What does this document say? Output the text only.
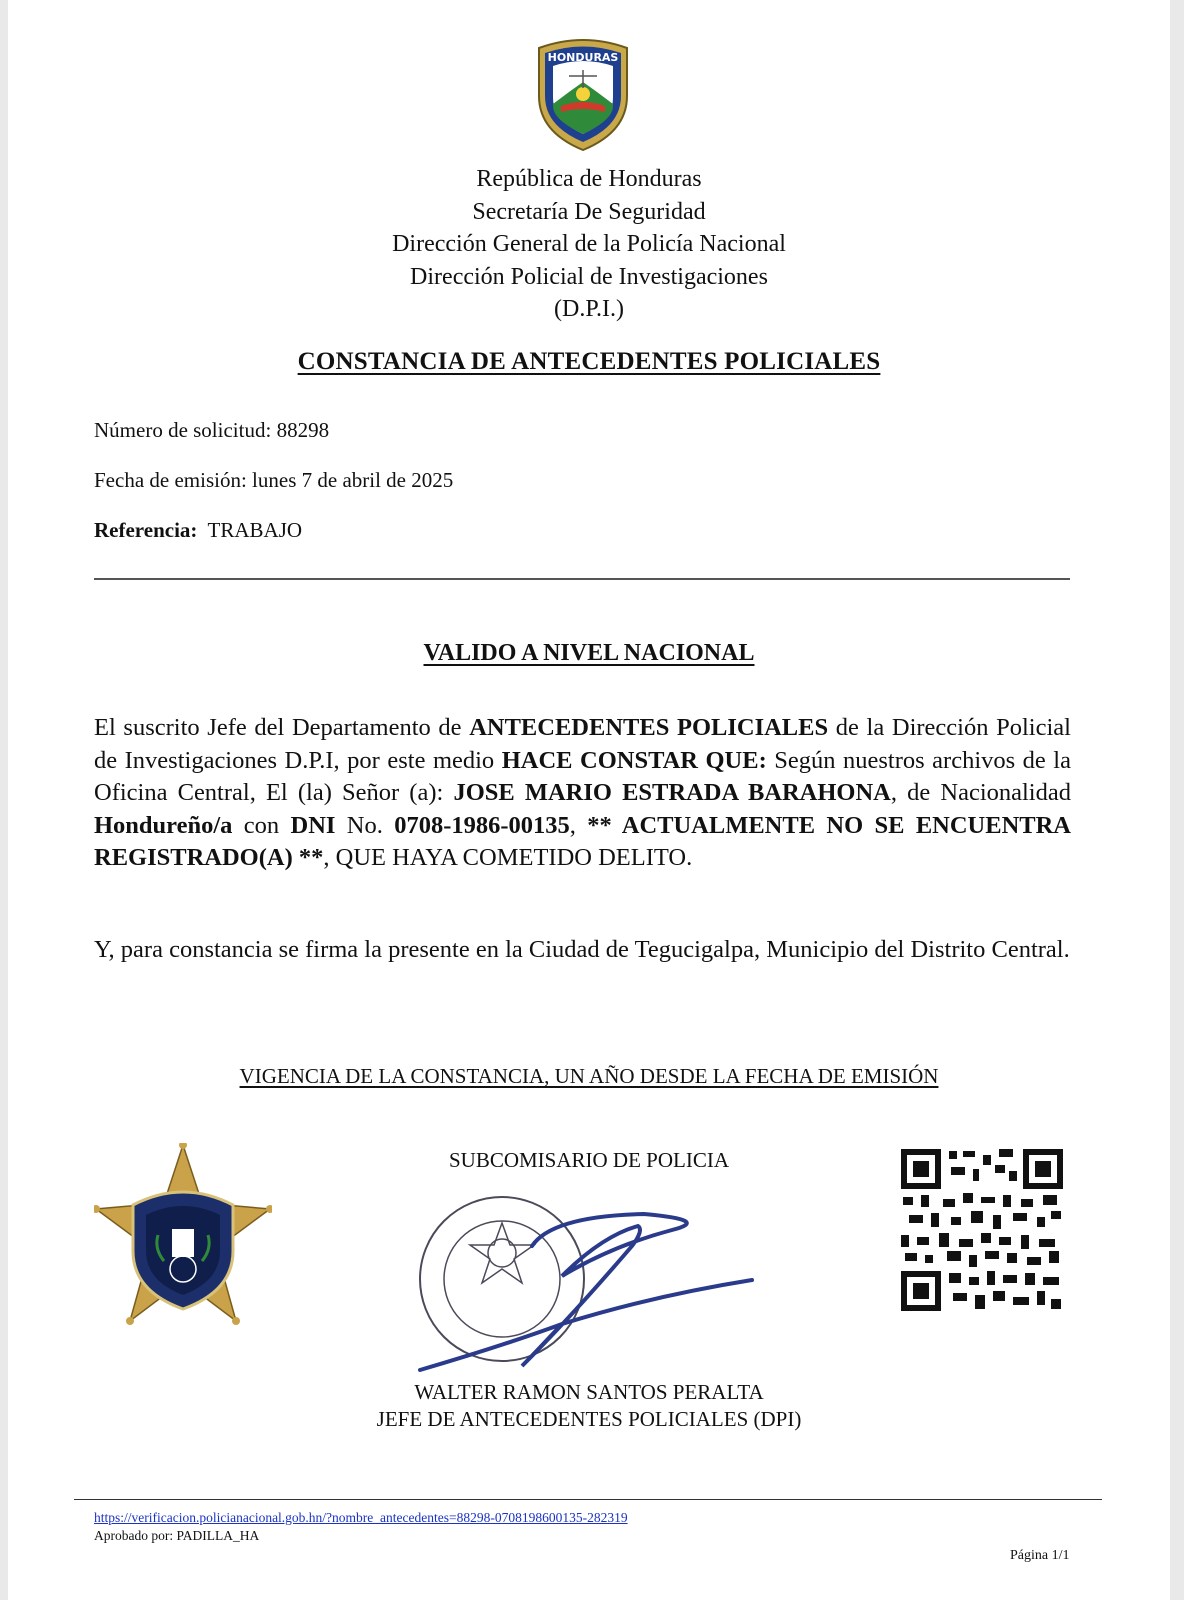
HONDURAS
República de Honduras
Secretaría De Seguridad
Dirección General de la Policía Nacional
Dirección Policial de Investigaciones
(D.P.I.)
CONSTANCIA DE ANTECEDENTES POLICIALES
Número de solicitud: 88298
Fecha de emisión: lunes 7 de abril de 2025
Referencia: TRABAJO
VALIDO A NIVEL NACIONAL
El suscrito Jefe del Departamento de ANTECEDENTES POLICIALES de la Dirección Policial de Investigaciones D.P.I, por este medio HACE CONSTAR QUE: Según nuestros archivos de la Oficina Central, El (la) Señor (a): JOSE MARIO ESTRADA BARAHONA, de Nacionalidad Hondureño/a con DNI No. 0708-1986-00135, ** ACTUALMENTE NO SE ENCUENTRA REGISTRADO(A) **, QUE HAYA COMETIDO DELITO.
Y, para constancia se firma la presente en la Ciudad de Tegucigalpa, Municipio del Distrito Central.
VIGENCIA DE LA CONSTANCIA, UN AÑO DESDE LA FECHA DE EMISIÓN
SUBCOMISARIO DE POLICIA
WALTER RAMON SANTOS PERALTA
JEFE DE ANTECEDENTES POLICIALES (DPI)
https://verificacion.policianacional.gob.hn/?nombre_antecedentes=88298-0708198600135-282319
Aprobado por: PADILLA_HA
Página 1/1
